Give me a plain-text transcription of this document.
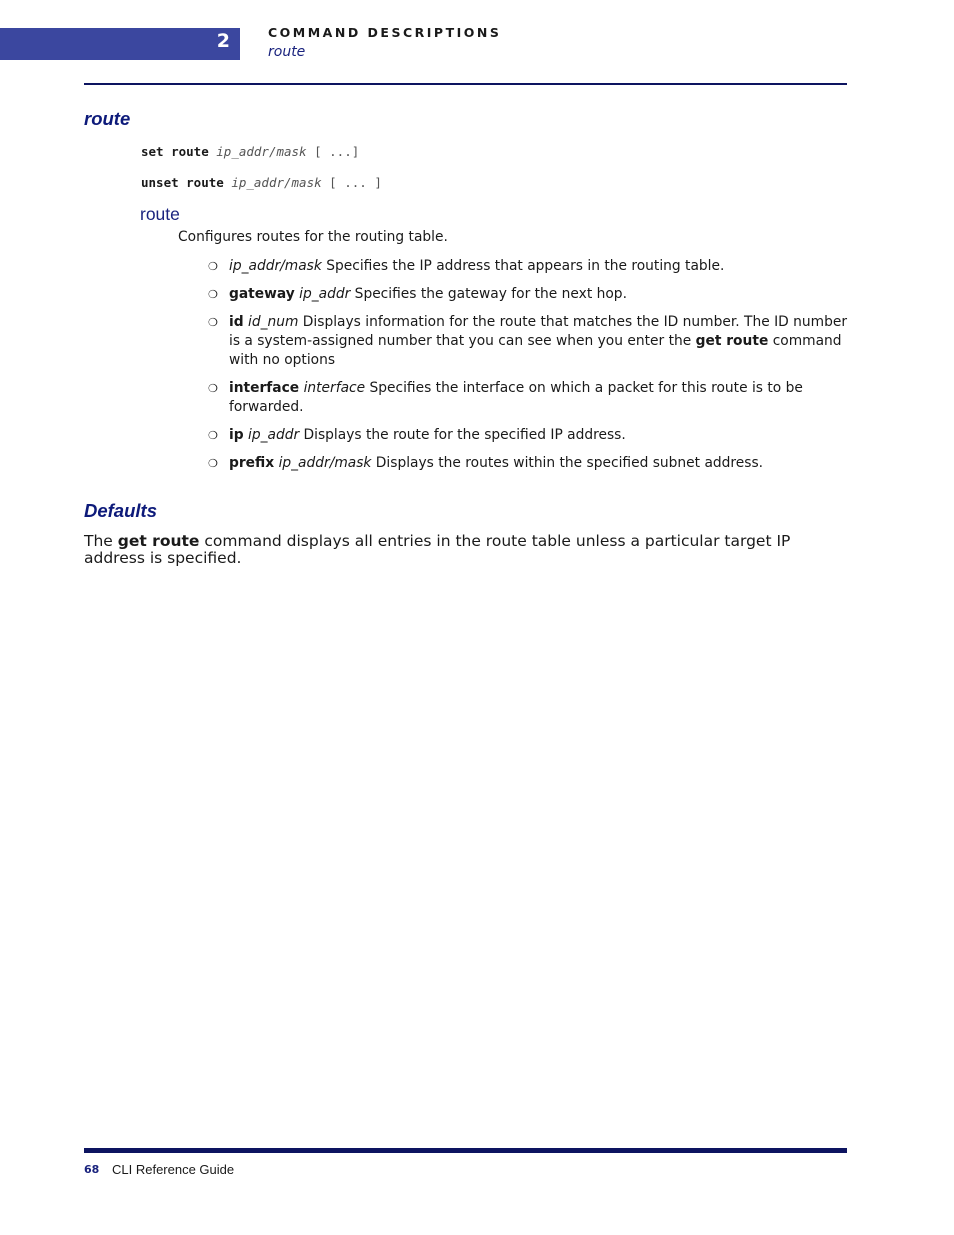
2	COMMAND DESCRIPTIONS
route
route
set route ip_addr/mask [ ...]
unset route ip_addr/mask [ ... ]
route
Configures routes for the routing table.
❍ ip_addr/mask Specifies the IP address that appears in the routing table.
❍ gateway ip_addr Specifies the gateway for the next hop.
❍ id id_num Displays information for the route that matches the ID number. The ID number is a system-assigned number that you can see when you enter the get route command with no options
❍ interface interface Specifies the interface on which a packet for this route is to be forwarded.
❍ ip ip_addr Displays the route for the specified IP address.
❍ prefix ip_addr/mask Displays the routes within the specified subnet address.
Defaults
The get route command displays all entries in the route table unless a particular target IP address is specified.
68 CLI Reference Guide
